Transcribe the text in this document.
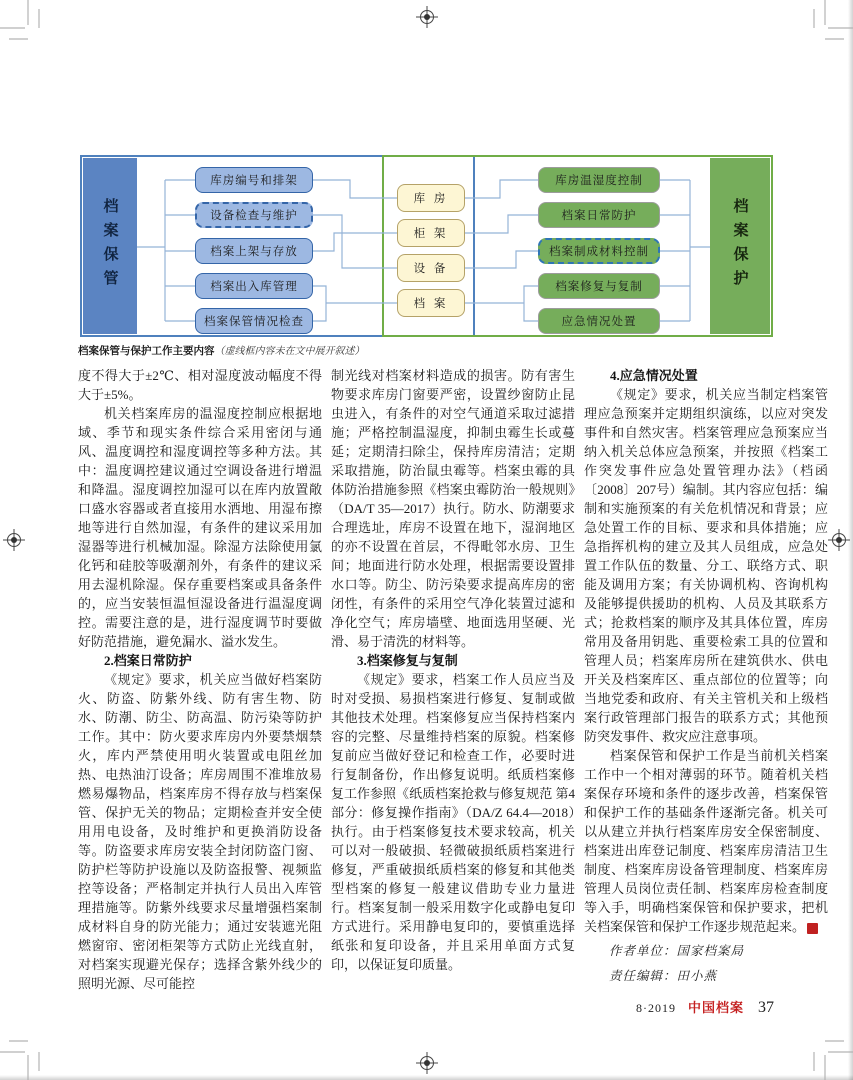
档案保管	档案保护
库房编号和排架
设备检查与维护
档案上架与存放
档案出入库管理
档案保管情况检查
库 房
柜 架
设 备
档 案
库房温湿度控制
档案日常防护
档案制成材料控制
档案修复与复制
应急情况处置
档案保管与保护工作主要内容（虚线框内容未在文中展开叙述）

度不得大于±2℃、相对湿度波动幅度不得大于±5%。

机关档案库房的温湿度控制应根据地域、季节和现实条件综合采用密闭与通风、温度调控和湿度调控等多种方法。其中：温度调控建议通过空调设备进行增温和降温。湿度调控加湿可以在库内放置敞口盛水容器或者直接用水洒地、用湿布擦地等进行自然加湿，有条件的建议采用加湿器等进行机械加湿。除湿方法除使用氯化钙和硅胶等吸潮剂外，有条件的建议采用去湿机除湿。保存重要档案或具备条件的，应当安装恒温恒湿设备进行温湿度调控。需要注意的是，进行湿度调节时要做好防范措施，避免漏水、溢水发生。

2.档案日常防护

《规定》要求，机关应当做好档案防火、防盗、防紫外线、防有害生物、防水、防潮、防尘、防高温、防污染等防护工作。其中：防火要求库房内外要禁烟禁火，库内严禁使用明火装置或电阻丝加热、电热油汀设备；库房周围不准堆放易燃易爆物品，档案库房不得存放与档案保管、保护无关的物品；定期检查并安全使用用电设备，及时维护和更换消防设备等。防盗要求库房安装全封闭防盗门窗、防护栏等防护设施以及防盗报警、视频监控等设备；严格制定并执行人员出入库管理措施等。防紫外线要求尽量增强档案制成材料自身的防光能力；通过安装遮光阻燃窗帘、密闭柜架等方式防止光线直射，对档案实现避光保存；选择含紫外线少的照明光源、尽可能控

制光线对档案材料造成的损害。防有害生物要求库房门窗要严密，设置纱窗防止昆虫进入，有条件的对空气通道采取过滤措施；严格控制温湿度，抑制虫霉生长或蔓延；定期清扫除尘，保持库房清洁；定期采取措施，防治鼠虫霉等。档案虫霉的具体防治措施参照《档案虫霉防治一般规则》（DA/T 35—2017）执行。防水、防潮要求合理选址，库房不设置在地下，湿润地区的亦不设置在首层，不得毗邻水房、卫生间；地面进行防水处理，根据需要设置排水口等。防尘、防污染要求提高库房的密闭性，有条件的采用空气净化装置过滤和净化空气；库房墙壁、地面选用坚硬、光滑、易于清洗的材料等。

3.档案修复与复制

《规定》要求，档案工作人员应当及时对受损、易损档案进行修复、复制或做其他技术处理。档案修复应当保持档案内容的完整、尽量维持档案的原貌。档案修复前应当做好登记和检查工作，必要时进行复制备份，作出修复说明。纸质档案修复工作参照《纸质档案抢救与修复规范 第4部分：修复操作指南》（DA/Z 64.4—2018）执行。由于档案修复技术要求较高，机关可以对一般破损、轻微破损纸质档案进行修复，严重破损纸质档案的修复和其他类型档案的修复一般建议借助专业力量进行。档案复制一般采用数字化或静电复印方式进行。采用静电复印的，要慎重选择纸张和复印设备，并且采用单面方式复印，以保证复印质量。

4.应急情况处置

《规定》要求，机关应当制定档案管理应急预案并定期组织演练，以应对突发事件和自然灾害。档案管理应急预案应当纳入机关总体应急预案，并按照《档案工作突发事件应急处置管理办法》（档函〔2008〕207号）编制。其内容应包括：编制和实施预案的有关危机情况和背景；应急处置工作的目标、要求和具体措施；应急指挥机构的建立及其人员组成，应急处置工作队伍的数量、分工、联络方式、职能及调用方案；有关协调机构、咨询机构及能够提供援助的机构、人员及其联系方式；抢救档案的顺序及其具体位置，库房常用及备用钥匙、重要检索工具的位置和管理人员；档案库房所在建筑供水、供电开关及档案库区、重点部位的位置等；向当地党委和政府、有关主管机关和上级档案行政管理部门报告的联系方式；其他预防突发事件、救灾应注意事项。

档案保管和保护工作是当前机关档案工作中一个相对薄弱的环节。随着机关档案保存环境和条件的逐步改善，档案保管和保护工作的基础条件逐渐完备。机关可以从建立并执行档案库房安全保密制度、档案进出库登记制度、档案库房清洁卫生制度、档案库房设备管理制度、档案库房管理人员岗位责任制、档案库房检查制度等入手，明确档案保管和保护要求，把机关档案保管和保护工作逐步规范起来。	档

作者单位：国家档案局

责任编辑：田小燕

8·2019 中国档案 37
